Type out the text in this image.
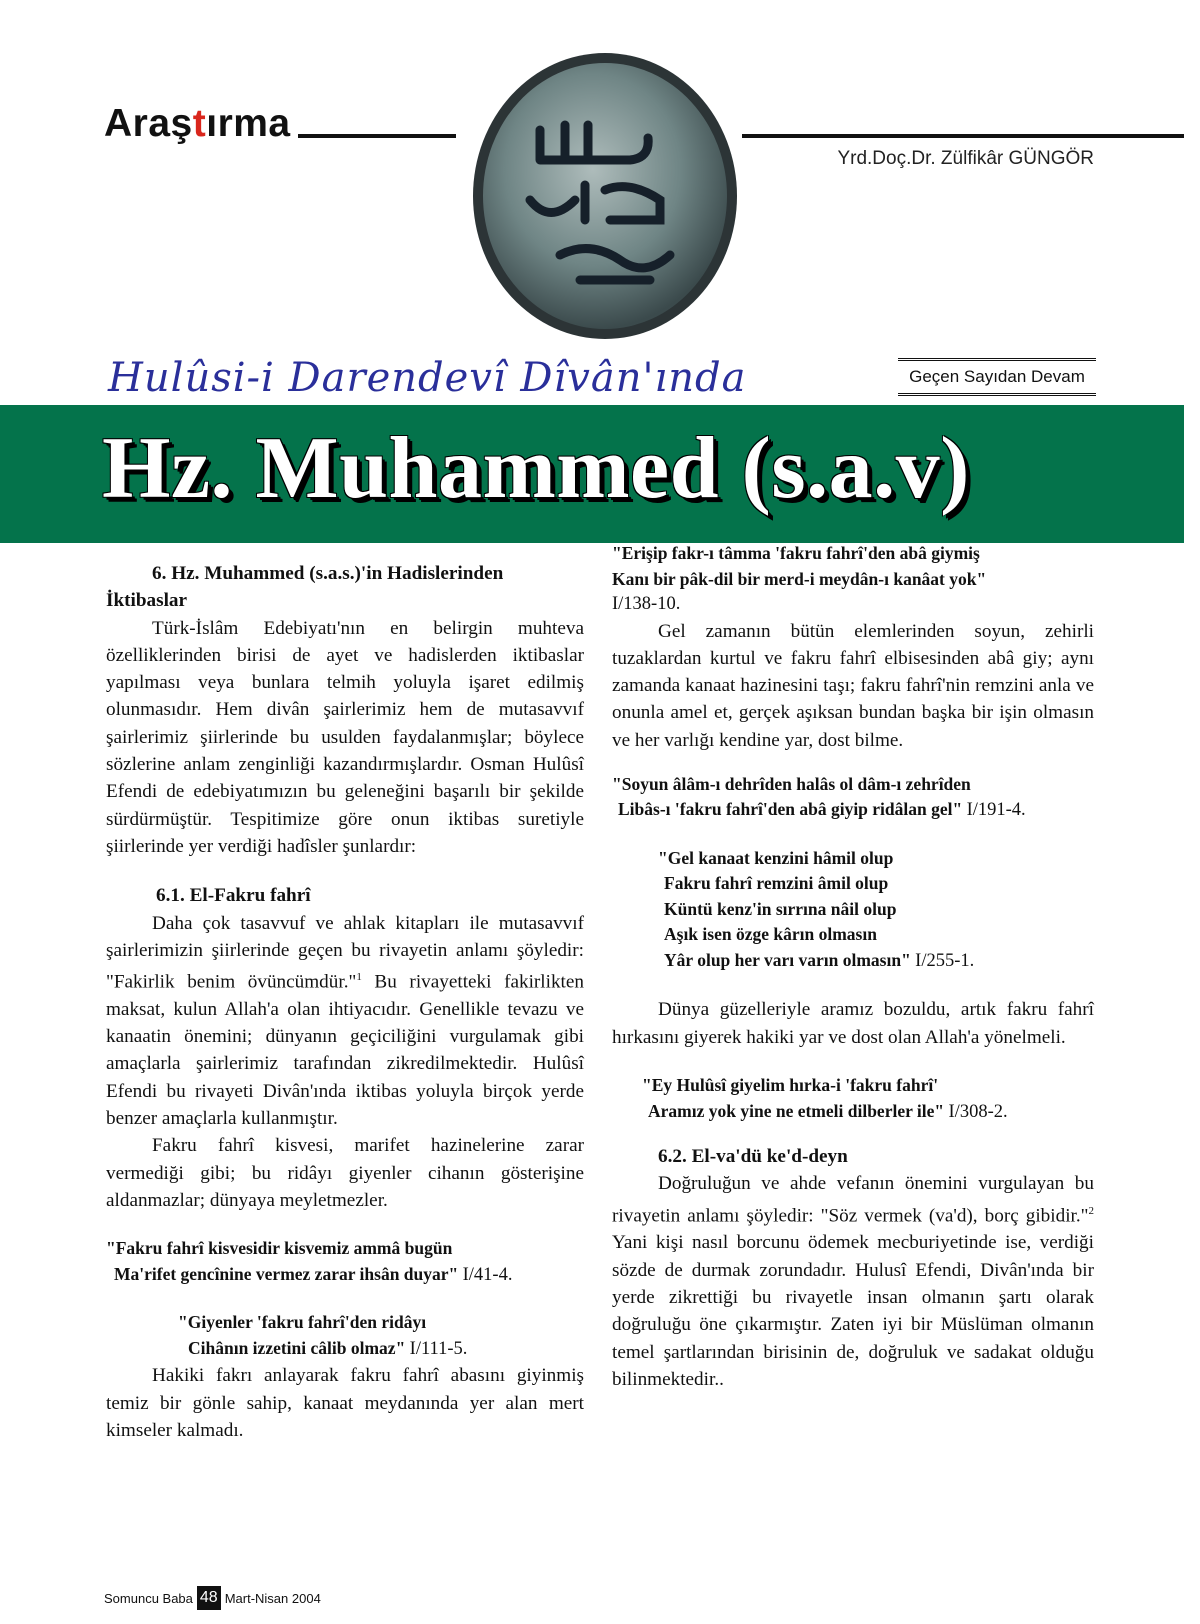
Araştırma
Yrd.Doç.Dr. Zülfikâr GÜNGÖR
Hulûsi-i Darendevî Dîvân'ında	Geçen Sayıdan Devam
Hz. Muhammed (s.a.v)
6. Hz. Muhammed (s.a.s.)'in Hadislerinden İktibaslar

Türk-İslâm Edebiyatı'nın en belirgin muhteva özelliklerinden birisi de ayet ve hadislerden iktibaslar yapılması veya bunlara telmih yoluyla işaret edilmiş olunmasıdır. Hem divân şairlerimiz hem de mutasavvıf şairlerimiz şiirlerinde bu usulden faydalanmışlar; böylece sözlerine anlam zenginliği kazandırmışlardır. Osman Hulûsî Efendi de edebiyatımızın bu geleneğini başarılı bir şekilde sürdürmüştür. Tespitimize göre onun iktibas suretiyle şiirlerinde yer verdiği hadîsler şunlardır:

6.1. El-Fakru fahrî

Daha çok tasavvuf ve ahlak kitapları ile mutasavvıf şairlerimizin şiirlerinde geçen bu rivayetin anlamı şöyledir: "Fakirlik benim övüncümdür."$^1$ Bu rivayetteki fakirlikten maksat, kulun Allah'a olan ihtiyacıdır. Genellikle tevazu ve kanaatin önemini; dünyanın geçiciliğini vurgulamak gibi amaçlarla şairlerimiz tarafından zikredilmektedir. Hulûsî Efendi bu rivayeti Divân'ında iktibas yoluyla birçok yerde benzer amaçlarla kullanmıştır.

Fakru fahrî kisvesi, marifet hazinelerine zarar vermediği gibi; bu ridâyı giyenler cihanın gösterişine aldanmazlar; dünyaya meyletmezler.

"Fakru fahrî kisvesidir kisvemiz ammâ bugün
Ma'rifet gencînine vermez zarar ihsân duyar" I/41-4.
"Giyenler 'fakru fahrî'den ridâyı
Cihânın izzetini câlib olmaz" I/111-5.

Hakiki fakrı anlayarak fakru fahrî abasını giyinmiş temiz bir gönle sahip, kanaat meydanında yer alan mert kimseler kalmadı.

"Erişip fakr-ı tâmma 'fakru fahrî'den abâ giymiş
Kanı bir pâk-dil bir merd-i meydân-ı kanâat yok"
I/138-10.

Gel zamanın bütün elemlerinden soyun, zehirli tuzaklardan kurtul ve fakru fahrî elbisesinden abâ giy; aynı zamanda kanaat hazinesini taşı; fakru fahrî'nin remzini anla ve onunla amel et, gerçek aşıksan bundan başka bir işin olmasın ve her varlığı kendine yar, dost bilme.

"Soyun âlâm-ı dehrîden halâs ol dâm-ı zehrîden
Libâs-ı 'fakru fahrî'den abâ giyip ridâlan gel" I/191-4.
"Gel kanaat kenzini hâmil olup
Fakru fahrî remzini âmil olup
Küntü kenz'in sırrına nâil olup
Aşık isen özge kârın olmasın
Yâr olup her varı varın olmasın" I/255-1.

Dünya güzelleriyle aramız bozuldu, artık fakru fahrî hırkasını giyerek hakiki yar ve dost olan Allah'a yönelmeli.

"Ey Hulûsî giyelim hırka-i 'fakru fahrî'
Aramız yok yine ne etmeli dilberler ile" I/308-2.
6.2. El-va'dü ke'd-deyn

Doğruluğun ve ahde vefanın önemini vurgulayan bu rivayetin anlamı şöyledir: "Söz vermek (va'd), borç gibidir."$^2$ Yani kişi nasıl borcunu ödemek mecburiyetinde ise, verdiği sözde de durmak zorundadır. Hulusî Efendi, Divân'ında bir yerde zikrettiği bu rivayetle insan olmanın şartı olarak doğruluğu öne çıkarmıştır. Zaten iyi bir Müslüman olmanın temel şartlarından birisinin de, doğruluk ve sadakat olduğu bilinmektedir..

Somuncu Baba 48 Mart-Nisan 2004
